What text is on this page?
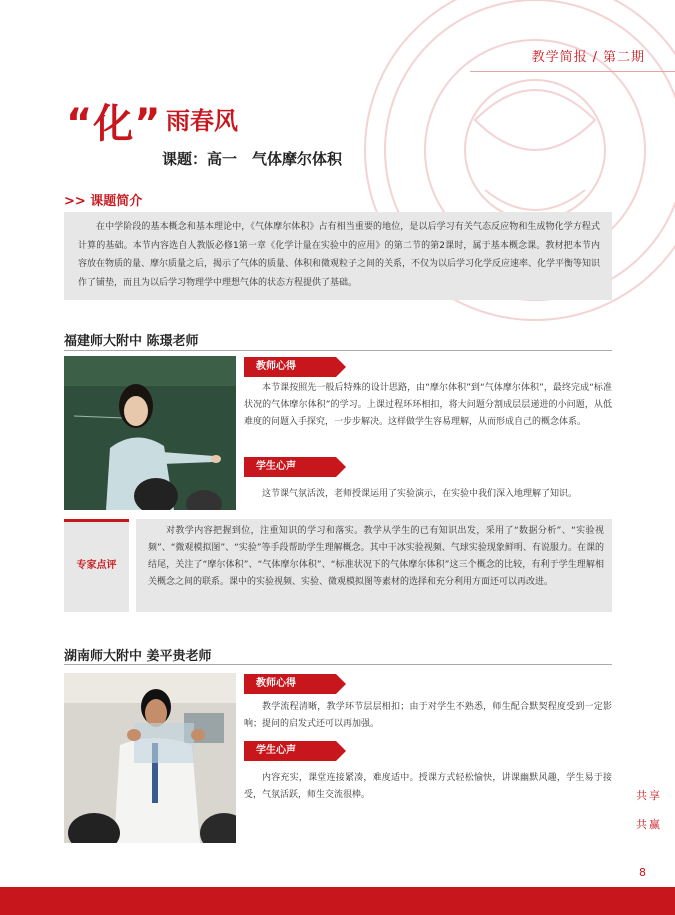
教学简报 / 第二期
“化” 雨春风
课题：高一　气体摩尔体积
>> 课题简介

在中学阶段的基本概念和基本理论中，《气体摩尔体积》占有相当重要的地位，是以后学习有关气态反应物和生成物化学方程式计算的基础。本节内容选自人教版必修1第一章《化学计量在实验中的应用》的第二节的第2课时，属于基本概念课。教材把本节内容放在物质的量、摩尔质量之后，揭示了气体的质量、体积和微观粒子之间的关系，不仅为以后学习化学反应速率、化学平衡等知识作了铺垫，而且为以后学习物理学中理想气体的状态方程提供了基础。

福建师大附中 陈璟老师
教师心得

本节课按照先一般后特殊的设计思路，由“摩尔体积”到“气体摩尔体积”，最终完成“标准状况的气体摩尔体积”的学习。上课过程环环相扣，将大问题分割成层层递进的小问题，从低难度的问题入手探究，一步步解决。这样做学生容易理解，从而形成自己的概念体系。

学生心声

这节课气氛活泼，老师授课运用了实验演示，在实验中我们深入地理解了知识。

专家点评

对教学内容把握到位，注重知识的学习和落实。教学从学生的已有知识出发，采用了“数据分析”、“实验视频”、“微观模拟图”、“实验”等手段帮助学生理解概念。其中干冰实验视频、气球实验现象鲜明、有说服力。在课的结尾，关注了“摩尔体积”、“气体摩尔体积”、“标准状况下的气体摩尔体积”这三个概念的比较，有利于学生理解相关概念之间的联系。课中的实验视频、实验、微观模拟图等素材的选择和充分利用方面还可以再改进。

湖南师大附中 姜平贵老师
教师心得

教学流程清晰，教学环节层层相扣；由于对学生不熟悉，师生配合默契程度受到一定影响；提问的启发式还可以再加强。

学生心声

内容充实，课堂连接紧凑，难度适中。授课方式轻松愉快，讲课幽默风趣，学生易于接受，气氛活跃，师生交流很棒。	共享
共赢
8
